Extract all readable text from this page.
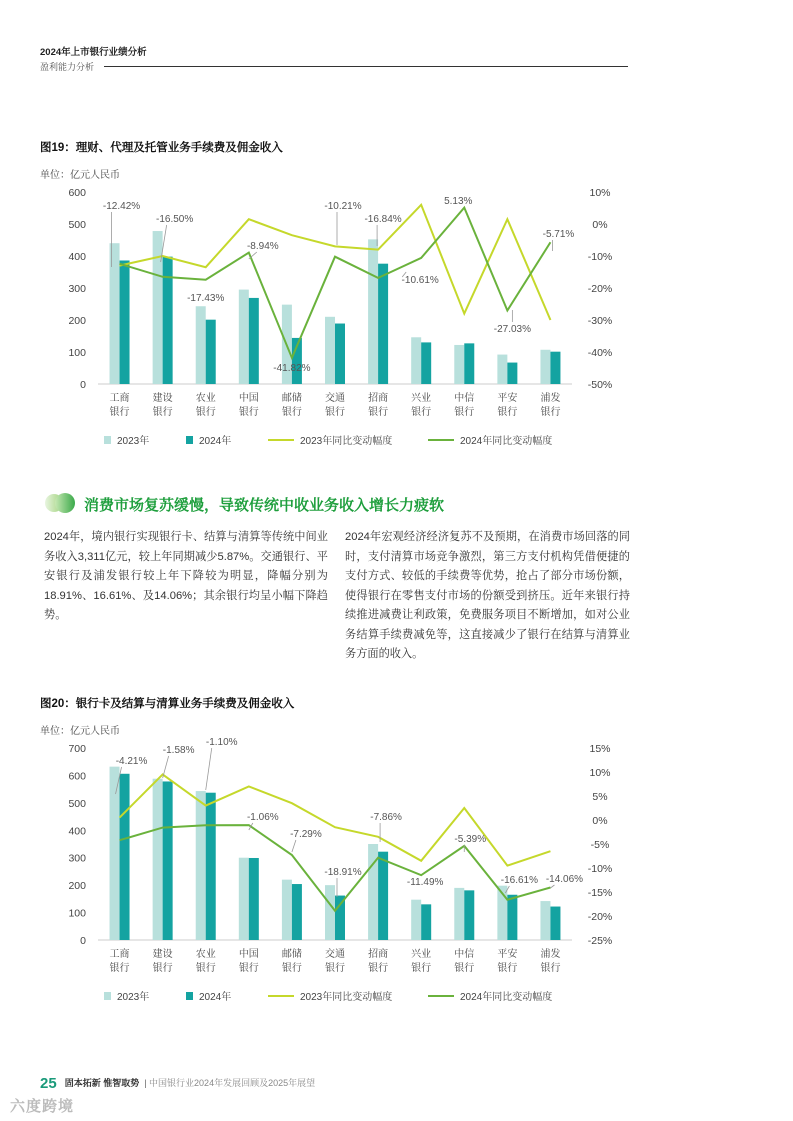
2024年上市银行业绩分析
盈利能力分析
图19：理财、代理及托管业务手续费及佣金收入
单位：亿元人民币
0
100
200
300
400
500
600
-50%
-40%
-30%
-20%
-10%
0%
10%
工商
银行
建设
银行
农业
银行
中国
银行
邮储
银行
交通
银行
招商
银行
兴业
银行
中信
银行
平安
银行
浦发
银行
-12.42%
-16.50%
-17.43%
-8.94%
-41.82%
-10.21%
-16.84%
-10.61%
5.13%
-27.03%
-5.71%
2023年	2024年	2023年同比变动幅度	2024年同比变动幅度
消费市场复苏缓慢，导致传统中收业务收入增长力疲软
2024年，境内银行实现银行卡、结算与清算等传统中间业务收入3,311亿元，较上年同期减少5.87%。交通银行、平安银行及浦发银行较上年下降较为明显，降幅分别为18.91%、16.61%、及14.06%；其余银行均呈小幅下降趋势。
2024年宏观经济经济复苏不及预期，在消费市场回落的同时，支付清算市场竞争激烈，第三方支付机构凭借便捷的支付方式、较低的手续费等优势，抢占了部分市场份额，使得银行在零售支付市场的份额受到挤压。近年来银行持续推进减费让利政策，免费服务项目不断增加，如对公业务结算手续费减免等，这直接减少了银行在结算与清算业务方面的收入。
图20：银行卡及结算与清算业务手续费及佣金收入
单位：亿元人民币
0
100
200
300
400
500
600
700
-25%
-20%
-15%
-10%
-5%
0%
5%
10%
15%
工商
银行
建设
银行
农业
银行
中国
银行
邮储
银行
交通
银行
招商
银行
兴业
银行
中信
银行
平安
银行
浦发
银行
-4.21%
-1.58%
-1.10%
-1.06%
-7.29%
-18.91%
-7.86%
-11.49%
-5.39%
-16.61% -14.06%
2023年	2024年	2023年同比变动幅度	2024年同比变动幅度
25 固本拓新 惟智取势 | 中国银行业2024年发展回顾及2025年展望
六度跨境
